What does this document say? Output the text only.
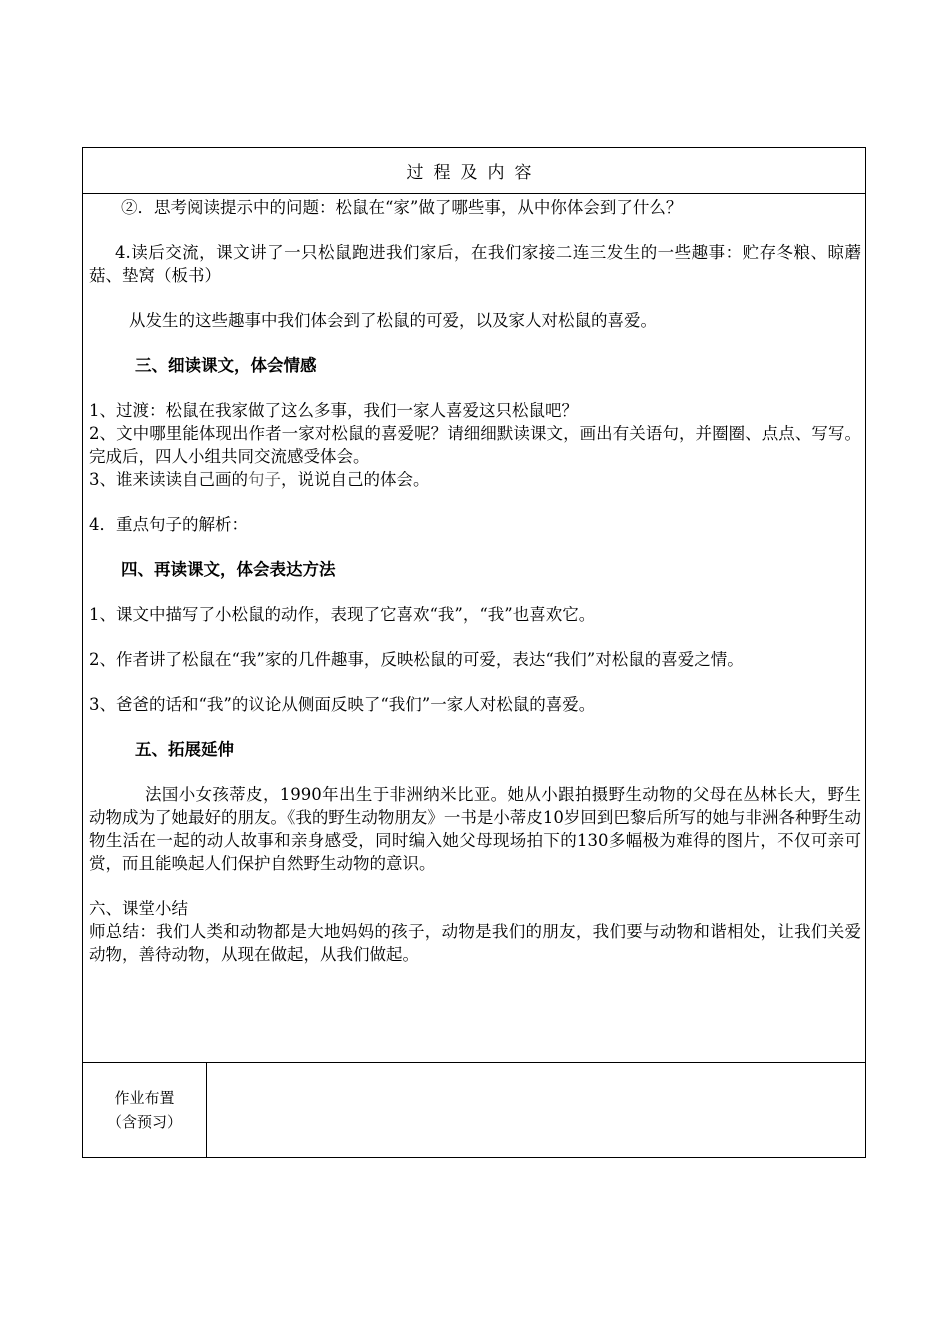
过程及内容

②．思考阅读提示中的问题：松鼠在“家”做了哪些事，从中你体会到了什么？

4.读后交流，课文讲了一只松鼠跑进我们家后，在我们家接二连三发生的一些趣事：贮存冬粮、晾蘑菇、垫窝（板书）

从发生的这些趣事中我们体会到了松鼠的可爱，以及家人对松鼠的喜爱。

三、细读课文，体会情感

1、过渡：松鼠在我家做了这么多事，我们一家人喜爱这只松鼠吧？

2、文中哪里能体现出作者一家对松鼠的喜爱呢？请细细默读课文，画出有关语句，并圈圈、点点、写写。完成后，四人小组共同交流感受体会。

3、谁来读读自己画的句子，说说自己的体会。

4．重点句子的解析：

四、再读课文，体会表达方法

1、课文中描写了小松鼠的动作，表现了它喜欢“我”，“我”也喜欢它。

2、作者讲了松鼠在“我”家的几件趣事，反映松鼠的可爱，表达“我们”对松鼠的喜爱之情。

3、爸爸的话和“我”的议论从侧面反映了“我们”一家人对松鼠的喜爱。

五、拓展延伸

法国小女孩蒂皮，1990年出生于非洲纳米比亚。她从小跟拍摄野生动物的父母在丛林长大，野生动物成为了她最好的朋友。《我的野生动物朋友》一书是小蒂皮10岁回到巴黎后所写的她与非洲各种野生动物生活在一起的动人故事和亲身感受，同时编入她父母现场拍下的130多幅极为难得的图片，不仅可亲可赏，而且能唤起人们保护自然野生动物的意识。

六、课堂小结

师总结：我们人类和动物都是大地妈妈的孩子，动物是我们的朋友，我们要与动物和谐相处，让我们关爱动物，善待动物，从现在做起，从我们做起。

作业布置
（含预习）
